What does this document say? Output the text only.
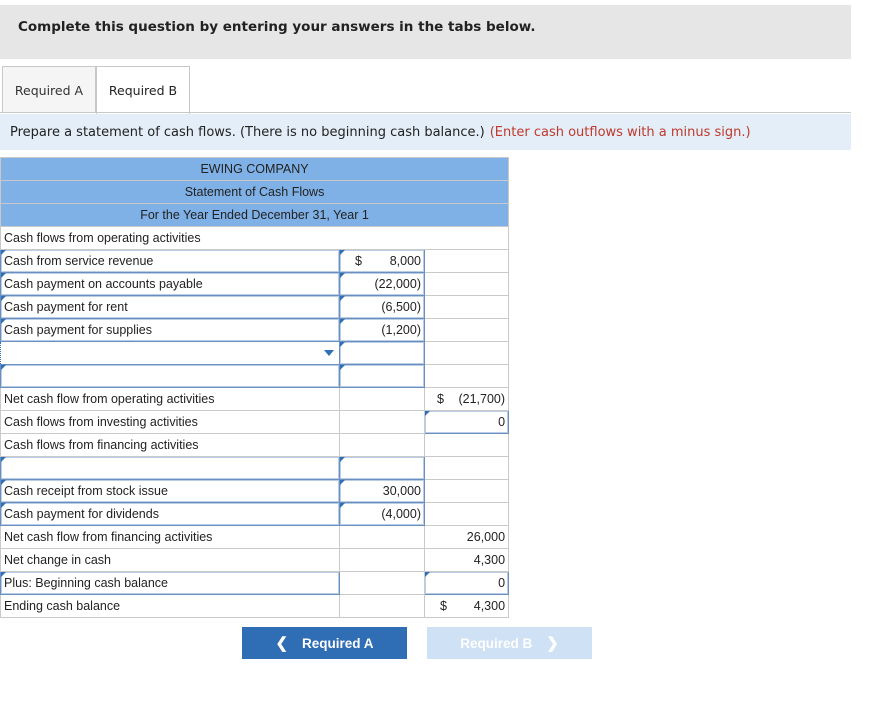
Complete this question by entering your answers in the tabs below.
Required A	Required B
Prepare a statement of cash flows. (There is no beginning cash balance.) (Enter cash outflows with a minus sign.)
EWING COMPANY		
Statement of Cash Flows		
For the Year Ended December 31, Year 1		
Cash flows from operating activities		
Cash from service revenue	$ 8,000	
Cash payment on accounts payable	(22,000)	
Cash payment for rent	(6,500)	
Cash payment for supplies	(1,200)	

Net cash flow from operating activities		$ (21,700)
Cash flows from investing activities		0
Cash flows from financing activities		

Cash receipt from stock issue	30,000	
Cash payment for dividends	(4,000)	
Net cash flow from financing activities		26,000
Net change in cash		4,300
Plus: Beginning cash balance		0
Ending cash balance		$ 4,300
❮ Required A	Required B ❯
